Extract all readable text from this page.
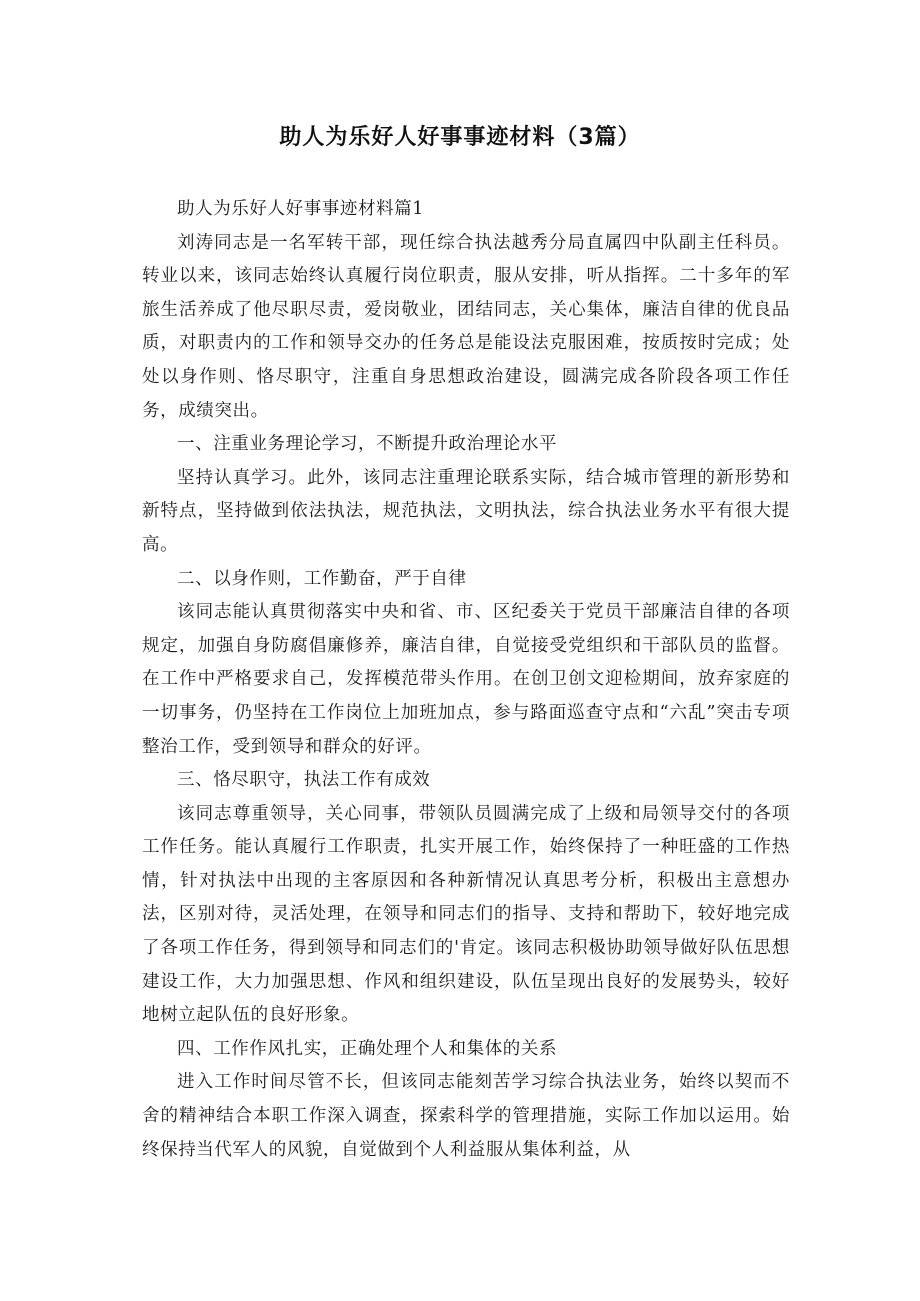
助人为乐好人好事事迹材料（3篇）

助人为乐好人好事事迹材料篇1

刘涛同志是一名军转干部，现任综合执法越秀分局直属四中队副主任科员。转业以来，该同志始终认真履行岗位职责，服从安排，听从指挥。二十多年的军旅生活养成了他尽职尽责，爱岗敬业，团结同志，关心集体，廉洁自律的优良品质，对职责内的工作和领导交办的任务总是能设法克服困难，按质按时完成；处处以身作则、恪尽职守，注重自身思想政治建设，圆满完成各阶段各项工作任务，成绩突出。

一、注重业务理论学习，不断提升政治理论水平

坚持认真学习。此外，该同志注重理论联系实际，结合城市管理的新形势和新特点，坚持做到依法执法，规范执法，文明执法，综合执法业务水平有很大提高。

二、以身作则，工作勤奋，严于自律

该同志能认真贯彻落实中央和省、市、区纪委关于党员干部廉洁自律的各项规定，加强自身防腐倡廉修养，廉洁自律，自觉接受党组织和干部队员的监督。在工作中严格要求自己，发挥模范带头作用。在创卫创文迎检期间，放弃家庭的一切事务，仍坚持在工作岗位上加班加点，参与路面巡查守点和“六乱”突击专项整治工作，受到领导和群众的好评。

三、恪尽职守，执法工作有成效

该同志尊重领导，关心同事，带领队员圆满完成了上级和局领导交付的各项工作任务。能认真履行工作职责，扎实开展工作，始终保持了一种旺盛的工作热情，针对执法中出现的主客原因和各种新情况认真思考分析，积极出主意想办法，区别对待，灵活处理，在领导和同志们的指导、支持和帮助下，较好地完成了各项工作任务，得到领导和同志们的'肯定。该同志积极协助领导做好队伍思想建设工作，大力加强思想、作风和组织建设，队伍呈现出良好的发展势头，较好地树立起队伍的良好形象。

四、工作作风扎实，正确处理个人和集体的关系

进入工作时间尽管不长，但该同志能刻苦学习综合执法业务，始终以契而不舍的精神结合本职工作深入调查，探索科学的管理措施，实际工作加以运用。始终保持当代军人的风貌，自觉做到个人利益服从集体利益，从
